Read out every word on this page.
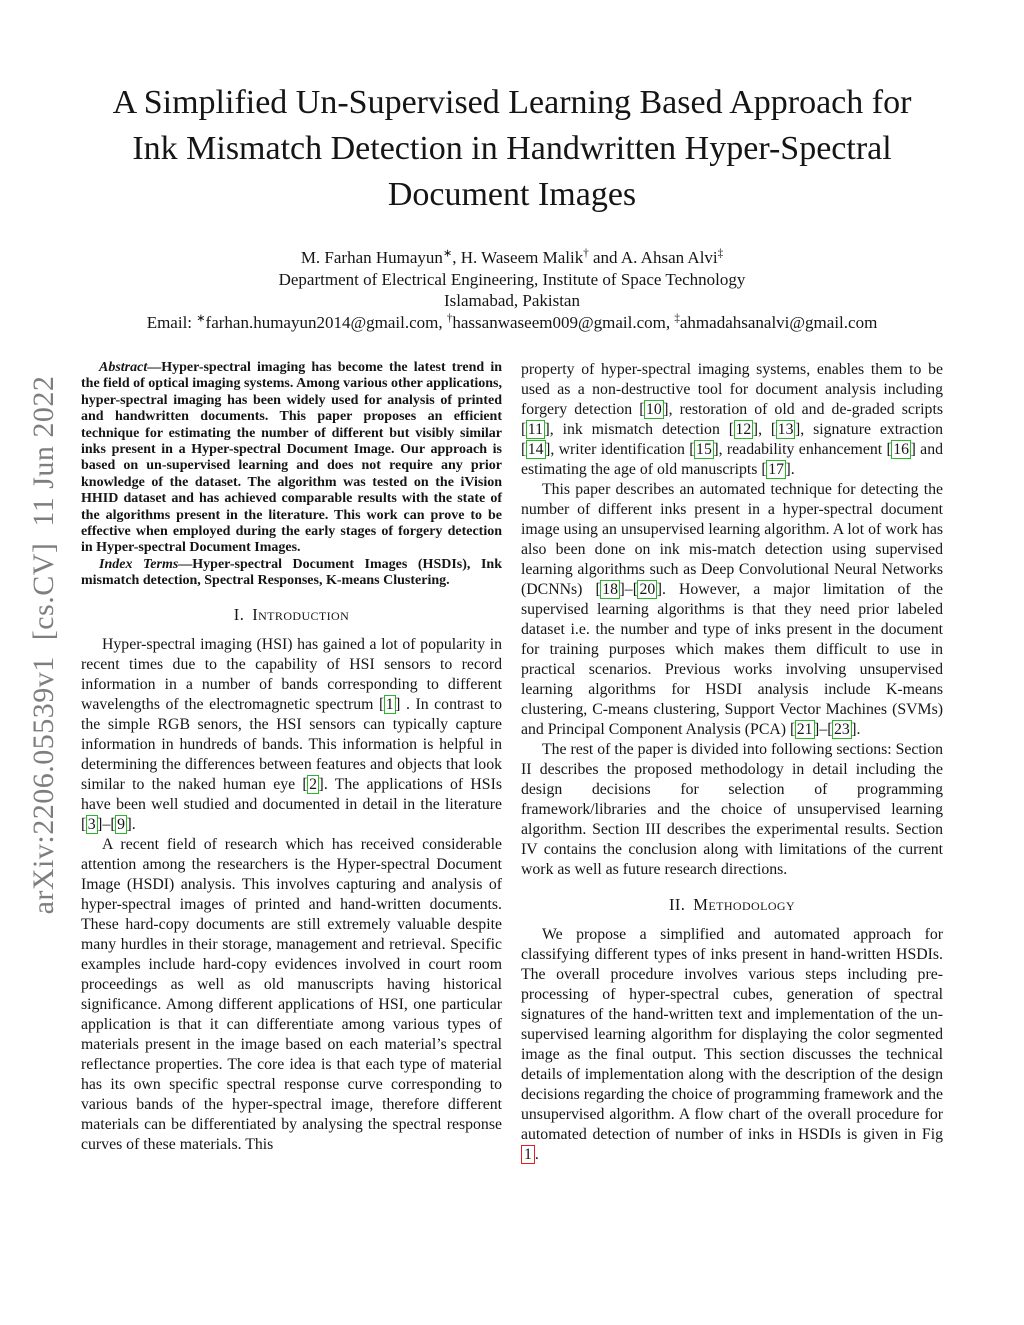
arXiv:2206.05539v1  [cs.CV]  11 Jun 2022
A Simplified Un-Supervised Learning Based Approach for Ink Mismatch Detection in Handwritten Hyper-Spectral Document Images
M. Farhan Humayun∗, H. Waseem Malik† and A. Ahsan Alvi‡
Department of Electrical Engineering, Institute of Space Technology
Islamabad, Pakistan
Email: ∗farhan.humayun2014@gmail.com, †hassanwaseem009@gmail.com, ‡ahmadahsanalvi@gmail.com

Abstract—Hyper-spectral imaging has become the latest trend in the field of optical imaging systems. Among various other applications, hyper-spectral imaging has been widely used for analysis of printed and handwritten documents. This paper proposes an efficient technique for estimating the number of different but visibly similar inks present in a Hyper-spectral Document Image. Our approach is based on un-supervised learning and does not require any prior knowledge of the dataset. The algorithm was tested on the iVision HHID dataset and has achieved comparable results with the state of the algorithms present in the literature. This work can prove to be effective when employed during the early stages of forgery detection in Hyper-spectral Document Images.

Index Terms—Hyper-spectral Document Images (HSDIs), Ink mismatch detection, Spectral Responses, K-means Clustering.

I. Introduction

Hyper-spectral imaging (HSI) has gained a lot of popularity in recent times due to the capability of HSI sensors to record information in a number of bands corresponding to different wavelengths of the electromagnetic spectrum [1] . In contrast to the simple RGB senors, the HSI sensors can typically capture information in hundreds of bands. This information is helpful in determining the differences between features and objects that look similar to the naked human eye [2]. The applications of HSIs have been well studied and documented in detail in the literature [3]–[9].

A recent field of research which has received considerable attention among the researchers is the Hyper-spectral Document Image (HSDI) analysis. This involves capturing and analysis of hyper-spectral images of printed and hand-written documents. These hard-copy documents are still extremely valuable despite many hurdles in their storage, management and retrieval. Specific examples include hard-copy evidences involved in court room proceedings as well as old manuscripts having historical significance. Among different applications of HSI, one particular application is that it can differentiate among various types of materials present in the image based on each material’s spectral reflectance properties. The core idea is that each type of material has its own specific spectral response curve corresponding to various bands of the hyper-spectral image, therefore different materials can be differentiated by analysing the spectral response curves of these materials. This

property of hyper-spectral imaging systems, enables them to be used as a non-destructive tool for document analysis including forgery detection [10], restoration of old and de-graded scripts [11], ink mismatch detection [12], [13], signature extraction [14], writer identification [15], readability enhancement [16] and estimating the age of old manuscripts [17].

This paper describes an automated technique for detecting the number of different inks present in a hyper-spectral document image using an unsupervised learning algorithm. A lot of work has also been done on ink mis-match detection using supervised learning algorithms such as Deep Convolutional Neural Networks (DCNNs) [18]–[20]. However, a major limitation of the supervised learning algorithms is that they need prior labeled dataset i.e. the number and type of inks present in the document for training purposes which makes them difficult to use in practical scenarios. Previous works involving unsupervised learning algorithms for HSDI analysis include K-means clustering, C-means clustering, Support Vector Machines (SVMs) and Principal Component Analysis (PCA) [21]–[23].

The rest of the paper is divided into following sections: Section II describes the proposed methodology in detail including the design decisions for selection of programming framework/libraries and the choice of unsupervised learning algorithm. Section III describes the experimental results. Section IV contains the conclusion along with limitations of the current work as well as future research directions.

II. Methodology

We propose a simplified and automated approach for classifying different types of inks present in hand-written HSDIs. The overall procedure involves various steps including pre-processing of hyper-spectral cubes, generation of spectral signatures of the hand-written text and implementation of the un-supervised learning algorithm for displaying the color segmented image as the final output. This section discusses the technical details of implementation along with the description of the design decisions regarding the choice of programming framework and the unsupervised algorithm. A flow chart of the overall procedure for automated detection of number of inks in HSDIs is given in Fig 1 .
